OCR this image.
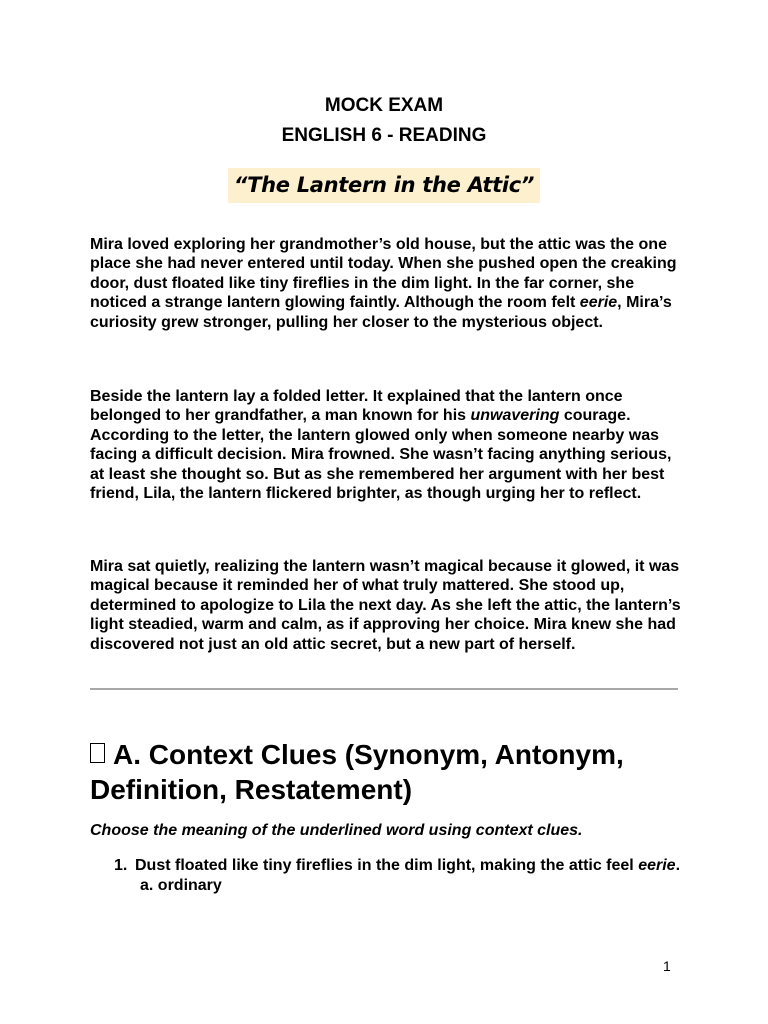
MOCK EXAM
ENGLISH 6 - READING
“The Lantern in the Attic”

Mira loved exploring her grandmother’s old house, but the attic was the one place she had never entered until today. When she pushed open the creaking door, dust floated like tiny fireflies in the dim light. In the far corner, she noticed a strange lantern glowing faintly. Although the room felt eerie, Mira’s curiosity grew stronger, pulling her closer to the mysterious object.

Beside the lantern lay a folded letter. It explained that the lantern once belonged to her grandfather, a man known for his unwavering courage. According to the letter, the lantern glowed only when someone nearby was facing a difficult decision. Mira frowned. She wasn’t facing anything serious, at least she thought so. But as she remembered her argument with her best friend, Lila, the lantern flickered brighter, as though urging her to reflect.

Mira sat quietly, realizing the lantern wasn’t magical because it glowed, it was magical because it reminded her of what truly mattered. She stood up, determined to apologize to Lila the next day. As she left the attic, the lantern’s light steadied, warm and calm, as if approving her choice. Mira knew she had discovered not just an old attic secret, but a new part of herself.

A. Context Clues (Synonym, Antonym, Definition, Restatement)
Choose the meaning of the underlined word using context clues.
1. Dust floated like tiny fireflies in the dim light, making the attic feel eerie.
a. ordinary
1
